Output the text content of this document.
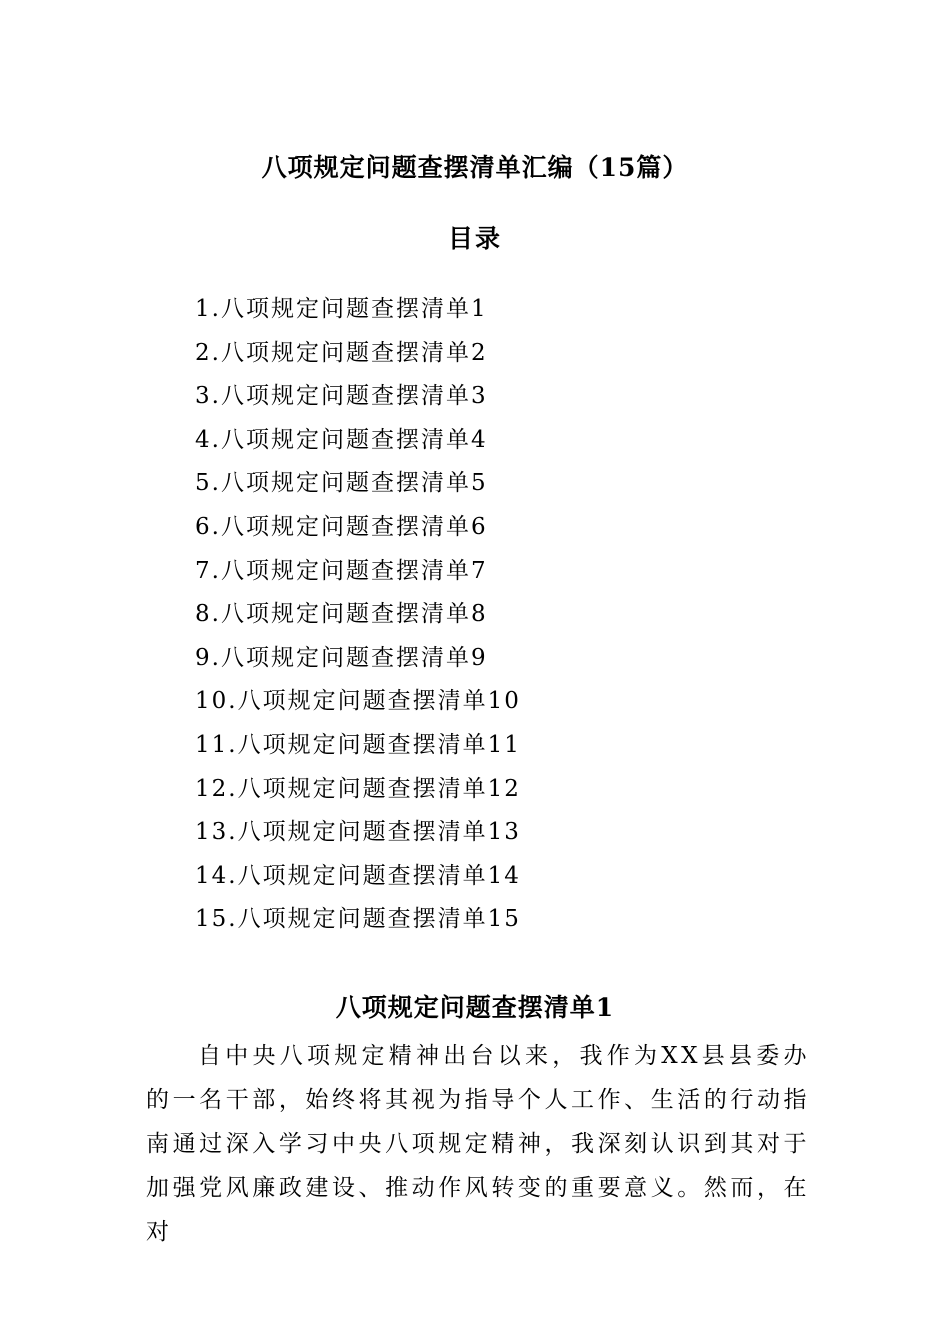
八项规定问题查摆清单汇编（15篇）
目录
1.八项规定问题查摆清单1
2.八项规定问题查摆清单2
3.八项规定问题查摆清单3
4.八项规定问题查摆清单4
5.八项规定问题查摆清单5
6.八项规定问题查摆清单6
7.八项规定问题查摆清单7
8.八项规定问题查摆清单8
9.八项规定问题查摆清单9
10.八项规定问题查摆清单10
11.八项规定问题查摆清单11
12.八项规定问题查摆清单12
13.八项规定问题查摆清单13
14.八项规定问题查摆清单14
15.八项规定问题查摆清单15
八项规定问题查摆清单1

自中央八项规定精神出台以来，我作为XX县县委办的一名干部，始终将其视为指导个人工作、生活的行动指南通过深入学习中央八项规定精神，我深刻认识到其对于加强党风廉政建设、推动作风转变的重要意义。然而，在对
